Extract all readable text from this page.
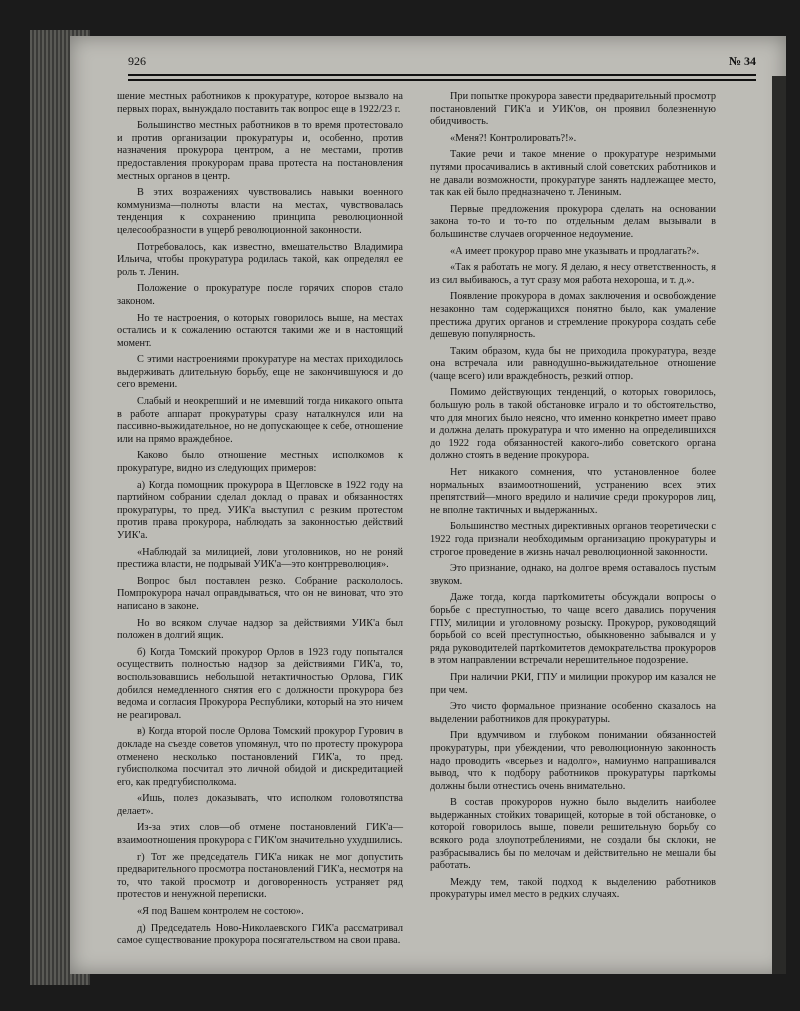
926	№ 34

шение местных работников к прокуратуре, которое вызвало на первых порах, вынуждало поставить так вопрос еще в 1922/23 г.

Большинство местных работников в то время протестовало и против организации прокуратуры и, особенно, против назначения прокурора центром, а не местами, против предоставления прокурорам права протеста на постановления местных органов в центр.

В этих возражениях чувствовались навыки военного коммунизма—полноты власти на местах, чувствовалась тенденция к сохранению принципа революционной целесообразности в ущерб революционной законности.

Потребовалось, как известно, вмешательство Владимира Ильича, чтобы прокуратура родилась такой, как определял ее роль т. Ленин.

Положение о прокуратуре после горячих споров стало законом.

Но те настроения, о которых говорилось выше, на местах остались и к сожалению остаются такими же и в настоящий момент.

С этими настроениями прокуратуре на местах приходилось выдерживать длительную борьбу, еще не закончившуюся и до сего времени.

Слабый и неокрепший и не имевший тогда никакого опыта в работе аппарат прокуратуры сразу наталкнулся или на пассивно-выжидательное, но не допускающее к себе, отношение или на прямо враждебное.

Каково было отношение местных исполкомов к прокуратуре, видно из следующих примеров:

а) Когда помощник прокурора в Щегловске в 1922 году на партийном собрании сделал доклад о правах и обязанностях прокуратуры, то пред. УИК'а выступил с резким протестом против права прокурора, наблюдать за законностью действий УИК'а.

«Наблюдай за милицией, лови уголовников, но не роняй престижа власти, не подрывай УИК'а—это контрреволюция».

Вопрос был поставлен резко. Собрание раскололось. Помпрокурора начал оправдываться, что он не виноват, что это написано в законе.

Но во всяком случае надзор за действиями УИК'а был положен в долгий ящик.

б) Когда Томский прокурор Орлов в 1923 году попытался осуществить полностью надзор за действиями ГИК'а, то, воспользовавшись небольшой нетактичностью Орлова, ГИК добился немедленного снятия его с должности прокурора без ведома и согласия Прокурора Республики, который на это ничем не реагировал.

в) Когда второй после Орлова Томский прокурор Гурович в докладе на съезде советов упомянул, что по протесту прокурора отменено несколько постановлений ГИК'а, то пред. губисполкома посчитал это личной обидой и дискредитацией его, как предгубисполкома.

«Ишь, полез доказывать, что исполком головотяпства делает».

Из-за этих слов—об отмене постановлений ГИК'а—взаимоотношения прокурора с ГИК'ом значительно ухудшились.

г) Тот же председатель ГИК'а никак не мог допустить предварительного просмотра постановлений ГИК'а, несмотря на то, что такой просмотр и договоренность устраняет ряд протестов и ненужной переписки.

«Я под Вашем контролем не состою».

д) Председатель Ново-Николаевского ГИК'а рассматривал самое существование прокурора посягательством на свои права.

При попытке прокурора завести предварительный просмотр постановлений ГИК'а и УИК'ов, он проявил болезненную обидчивость.

«Меня?! Контролировать?!».

Такие речи и такое мнение о прокуратуре незримыми путями просачивались в активный слой советских работников и не давали возможности, прокуратуре занять надлежащее место, так как ей было предназначено т. Лениным.

Первые предложения прокурора сделать на основании закона то-то и то-то по отдельным делам вызывали в большинстве случаев огорченное недоумение.

«А имеет прокурор право мне указывать и продлагать?».

«Так я работать не могу. Я делаю, я несу ответственность, я из сил выбиваюсь, а тут сразу моя работа нехороша, и т. д.».

Появление прокурора в домах заключения и освобождение незаконно там содержащихся понятно было, как умаление престижа других органов и стремление прокурора создать себе дешевую популярность.

Таким образом, куда бы не приходила прокуратура, везде она встречала или равнодушно-выжидательное отношение (чаще всего) или враждебность, резкий отпор.

Помимо действующих тенденций, о которых говорилось, большую роль в такой обстановке играло и то обстоятельство, что для многих было неясно, что именно конкретно имеет право и должна делать прокуратура и что именно на определившихся до 1922 года обязанностей какого-либо советского органа должно стоять в ведение прокурора.

Нет никакого сомнения, что установленное более нормальных взаимоотношений, устранению всех этих препятствий—много вредило и наличие среди прокуроров лиц, не вполне тактичных и выдержанных.

Большинство местных директивных органов теоретически с 1922 года признали необходимым организацию прокуратуры и строгое проведение в жизнь начал революционной законности.

Это признание, однако, на долгое время оставалось пустым звуком.

Даже тогда, когда партkомитеты обсуждали вопросы о борьбе с преступностью, то чаще всего давались поручения ГПУ, милиции и уголовному розыску. Прокурор, руководящий борьбой со всей преступностью, обыкновенно забывался и у ряда руководителей партkомитетов демократельства прокуроров в этом направлении встречали нерешительное подозрение.

При наличии РКИ, ГПУ и милиции прокурор им казался не при чем.

Это чисто формальное признание особенно сказалось на выделении работников для прокуратуры.

При вдумчивом и глубоком понимании обязанностей прокуратуры, при убеждении, что революционную законность надо проводить «всерьез и надолго», намиунмо напрашивался вывод, что к подбору работников прокуратуры партkомы должны были отнестись очень внимательно.

В состав прокуроров нужно было выделить наиболее выдержанных стойких товарищей, которые в той обстановке, о которой говорилось выше, повели решительную борьбу со всякого рода злоупотреблениями, не создали бы склоки, не разбрасывались бы по мелочам и действительно не мешали бы работать.

Между тем, такой подход к выделению работников прокуратуры имел место в редких случаях.
